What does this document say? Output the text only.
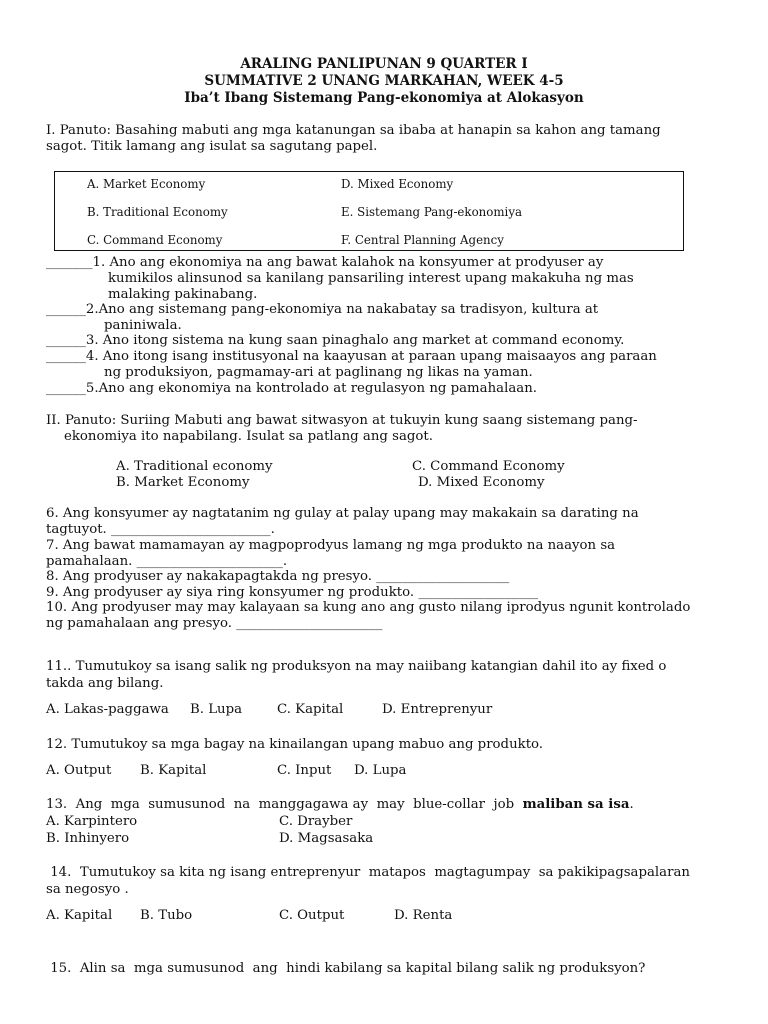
ARALING PANLIPUNAN 9 QUARTER I
SUMMATIVE 2 UNANG MARKAHAN, WEEK 4-5
Iba’t Ibang Sistemang Pang-ekonomiya at Alokasyon
I. Panuto: Basahing mabuti ang mga katanungan sa ibaba at hanapin sa kahon ang tamang
sagot. Titik lamang ang isulat sa sagutang papel.
A. Market Economy	D. Mixed Economy
B. Traditional Economy	E. Sistemang Pang-ekonomiya
C. Command Economy	F. Central Planning Agency
_______1. Ano ang ekonomiya na ang bawat kalahok na konsyumer at prodyuser ay
kumikilos alinsunod sa kanilang pansariling interest upang makakuha ng mas
malaking pakinabang.
______2.Ano ang sistemang pang-ekonomiya na nakabatay sa tradisyon, kultura at
paniniwala.
______3. Ano itong sistema na kung saan pinaghalo ang market at command economy.
______4. Ano itong isang institusyonal na kaayusan at paraan upang maisaayos ang paraan
ng produksiyon, pagmamay-ari at paglinang ng likas na yaman.
______5.Ano ang ekonomiya na kontrolado at regulasyon ng pamahalaan.
II. Panuto: Suriing Mabuti ang bawat sitwasyon at tukuyin kung saang sistemang pang-
ekonomiya ito napabilang. Isulat sa patlang ang sagot.
A. Traditional economy	C. Command Economy
B. Market Economy	D. Mixed Economy
6. Ang konsyumer ay nagtatanim ng gulay at palay upang may makakain sa darating na
tagtuyot. ________________________.
7. Ang bawat mamamayan ay magpoprodyus lamang ng mga produkto na naayon sa
pamahalaan. ______________________.
8. Ang prodyuser ay nakakapagtakda ng presyo. ____________________
9. Ang prodyuser ay siya ring konsyumer ng produkto. __________________
10. Ang prodyuser may may kalayaan sa kung ano ang gusto nilang iprodyus ngunit kontrolado
ng pamahalaan ang presyo. ______________________
11.. Tumutukoy sa isang salik ng produksyon na may naiibang katangian dahil ito ay fixed o
takda ang bilang.
A. Lakas-paggawa B. Lupa	C. Kapital	D. Entreprenyur
12. Tumutukoy sa mga bagay na kinailangan upang mabuo ang produkto.
A. Output B. Kapital	C. Input D. Lupa
13.  Ang  mga  sumusunod  na  manggagawa ay  may  blue-collar  job  maliban sa isa.
A. Karpintero	C. Drayber
B. Inhinyero	D. Magsasaka
14.  Tumutukoy sa kita ng isang entreprenyur  matapos  magtagumpay  sa pakikipagsapalaran
sa negosyo .
A. Kapital B. Tubo	C. Output	D. Renta
15.  Alin sa  mga sumusunod  ang  hindi kabilang sa kapital bilang salik ng produksyon?
